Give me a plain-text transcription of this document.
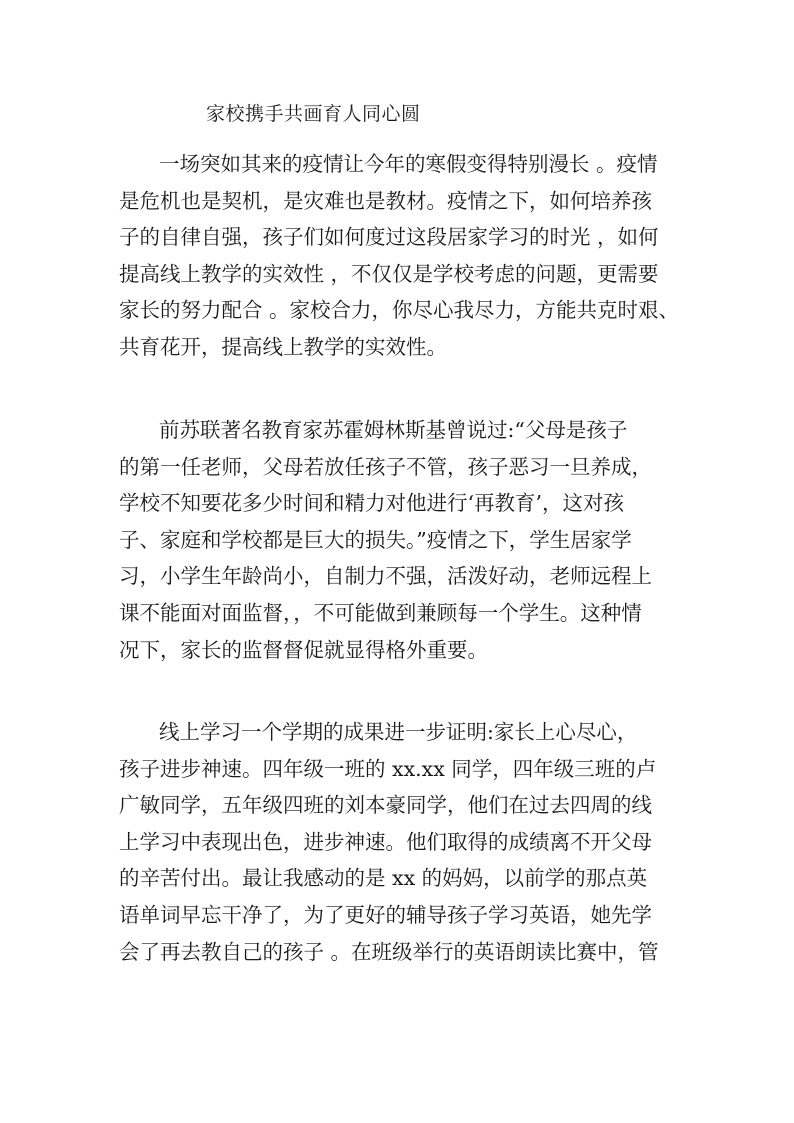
家校携手共画育人同心圆
一场突如其来的疫情让今年的寒假变得特别漫长 。疫情
是危机也是契机，是灾难也是教材。疫情之下，如何培养孩
子的自律自强，孩子们如何度过这段居家学习的时光 ，如何
提高线上教学的实效性 ，不仅仅是学校考虑的问题，更需要
家长的努力配合 。家校合力，你尽心我尽力，方能共克时艰、
共育花开，提高线上教学的实效性。
前苏联著名教育家苏霍姆林斯基曾说过:“父母是孩子
的第一任老师，父母若放任孩子不管，孩子恶习一旦养成，
学校不知要花多少时间和精力对他进行‘再教育’，这对孩
子、家庭和学校都是巨大的损失。”疫情之下，学生居家学
习，小学生年龄尚小，自制力不强，活泼好动，老师远程上
课不能面对面监督，，不可能做到兼顾每一个学生。这种情
况下，家长的监督督促就显得格外重要。
线上学习一个学期的成果进一步证明:家长上心尽心，
孩子进步神速。四年级一班的 xx.xx 同学，四年级三班的卢
广敏同学，五年级四班的刘本豪同学，他们在过去四周的线
上学习中表现出色，进步神速。他们取得的成绩离不开父母
的辛苦付出。最让我感动的是 xx 的妈妈，以前学的那点英
语单词早忘干净了，为了更好的辅导孩子学习英语，她先学
会了再去教自己的孩子 。在班级举行的英语朗读比赛中，管
